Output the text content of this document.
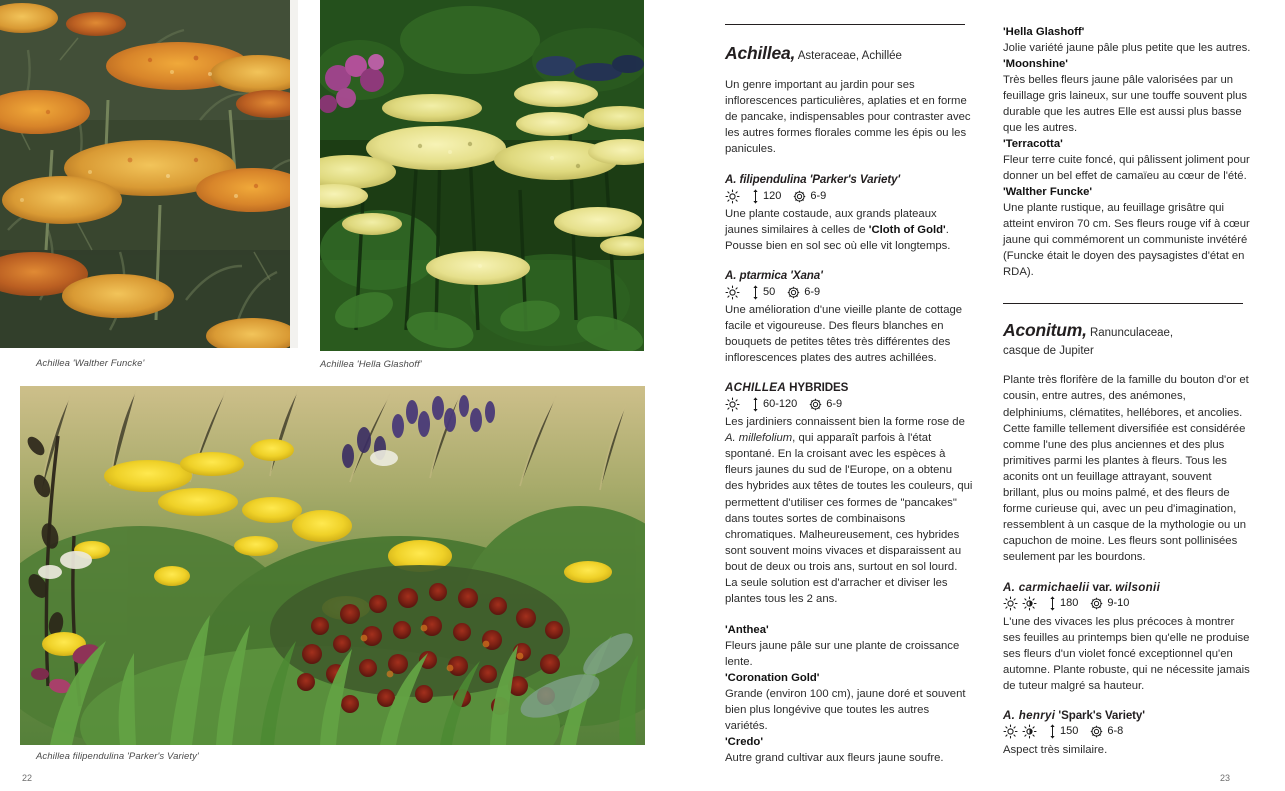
Achillea 'Walther Funcke'	Achillea 'Hella Glashoff'
Achillea filipendulina 'Parker's Variety'
22
Achillea, Asteraceae, Achillée

Un genre important au jardin pour ses inflorescences particulières, aplaties et en forme de pancake, indispensables pour contraster avec les autres formes florales comme les épis ou les panicules.

A. filipendulina 'Parker's Variety'
120	6-9

Une plante costaude, aux grands plateaux jaunes similaires à celles de 'Cloth of Gold'. Pousse bien en sol sec où elle vit longtemps.

A. ptarmica 'Xana'
50	6-9

Une amélioration d'une vieille plante de cottage facile et vigoureuse. Des fleurs blanches en bouquets de petites têtes très différentes des inflorescences plates des autres achillées.

ACHILLEA HYBRIDES
60-120	6-9

Les jardiniers connaissent bien la forme rose de A. millefolium, qui apparaît parfois à l'état spontané. En la croisant avec les espèces à fleurs jaunes du sud de l'Europe, on a obtenu des hybrides aux têtes de toutes les couleurs, qui permettent d'utiliser ces formes de "pancakes" dans toutes sortes de combinaisons chromatiques. Malheureusement, ces hybrides sont souvent moins vivaces et disparaissent au bout de deux ou trois ans, surtout en sol lourd. La seule solution est d'arracher et diviser les plantes tous les 2 ans.

'Anthea'

Fleurs jaune pâle sur une plante de croissance lente.

'Coronation Gold'

Grande (environ 100 cm), jaune doré et souvent bien plus longévive que toutes les autres variétés.

'Credo'

Autre grand cultivar aux fleurs jaune soufre.

'Hella Glashoff'

Jolie variété jaune pâle plus petite que les autres.

'Moonshine'

Très belles fleurs jaune pâle valorisées par un feuillage gris laineux, sur une touffe souvent plus durable que les autres Elle est aussi plus basse que les autres.

'Terracotta'

Fleur terre cuite foncé, qui pâlissent joliment pour donner un bel effet de camaïeu au cœur de l'été.

'Walther Funcke'

Une plante rustique, au feuillage grisâtre qui atteint environ 70 cm. Ses fleurs rouge vif à cœur jaune qui commémorent un communiste invétéré (Funcke était le doyen des paysagistes d'état en RDA).

Aconitum, Ranunculaceae,
casque de Jupiter

Plante très florifère de la famille du bouton d'or et cousin, entre autres, des anémones, delphiniums, clématites, hellébores, et ancolies. Cette famille tellement diversifiée est considérée comme l'une des plus anciennes et des plus primitives parmi les plantes à fleurs. Tous les aconits ont un feuillage attrayant, souvent brillant, plus ou moins palmé, et des fleurs de forme curieuse qui, avec un peu d'imagination, ressemblent à un casque de la mythologie ou un capuchon de moine. Les fleurs sont pollinisées seulement par les bourdons.

A. carmichaelii var. wilsonii
180	9-10

L'une des vivaces les plus précoces à montrer ses feuilles au printemps bien qu'elle ne produise ses fleurs d'un violet foncé exceptionnel qu'en automne. Plante robuste, qui ne nécessite jamais de tuteur malgré sa hauteur.

A. henryi 'Spark's Variety'
150	6-8

Aspect très similaire.

23
